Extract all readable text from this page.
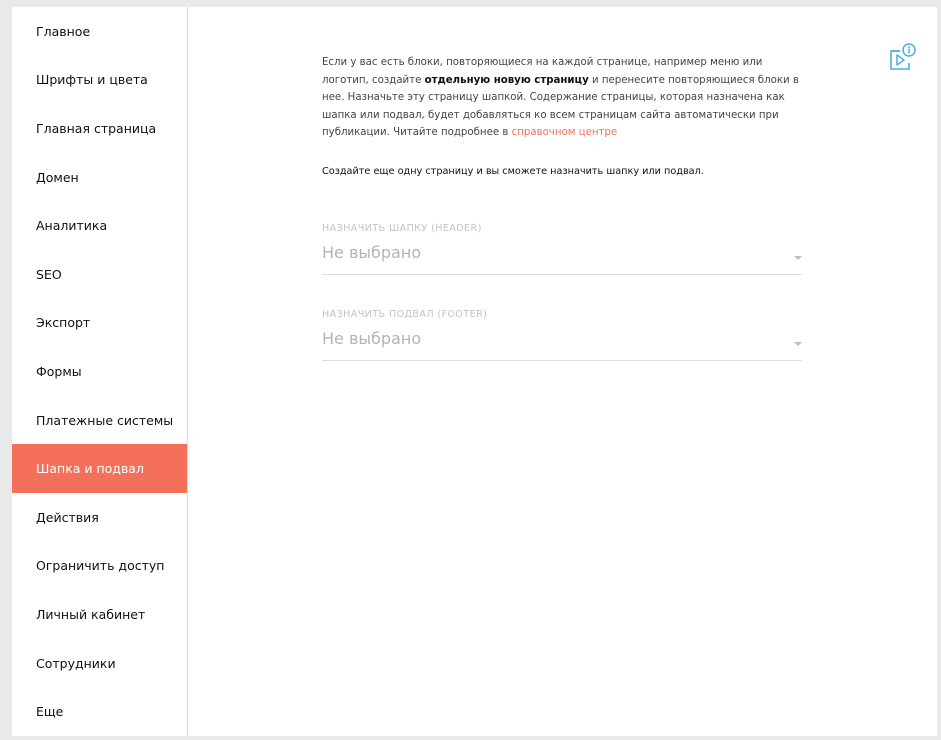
Главное
Шрифты и цвета
Главная страница
Домен
Аналитика
SEO
Экспорт
Формы
Платежные системы
Шапка и подвал
Действия
Ограничить доступ
Личный кабинет
Сотрудники
Еще

Если у вас есть блоки, повторяющиеся на каждой странице, например меню или логотип, создайте отдельную новую страницу и перенесите повторяющиеся блоки в нее. Назначьте эту страницу шапкой. Содержание страницы, которая назначена как шапка или подвал, будет добавляться ко всем страницам сайта автоматически при публикации. Читайте подробнее в справочном центре

Создайте еще одну страницу и вы сможете назначить шапку или подвал.
НАЗНАЧИТЬ ШАПКУ (HEADER)
Не выбрано
НАЗНАЧИТЬ ПОДВАЛ (FOOTER)
Не выбрано
